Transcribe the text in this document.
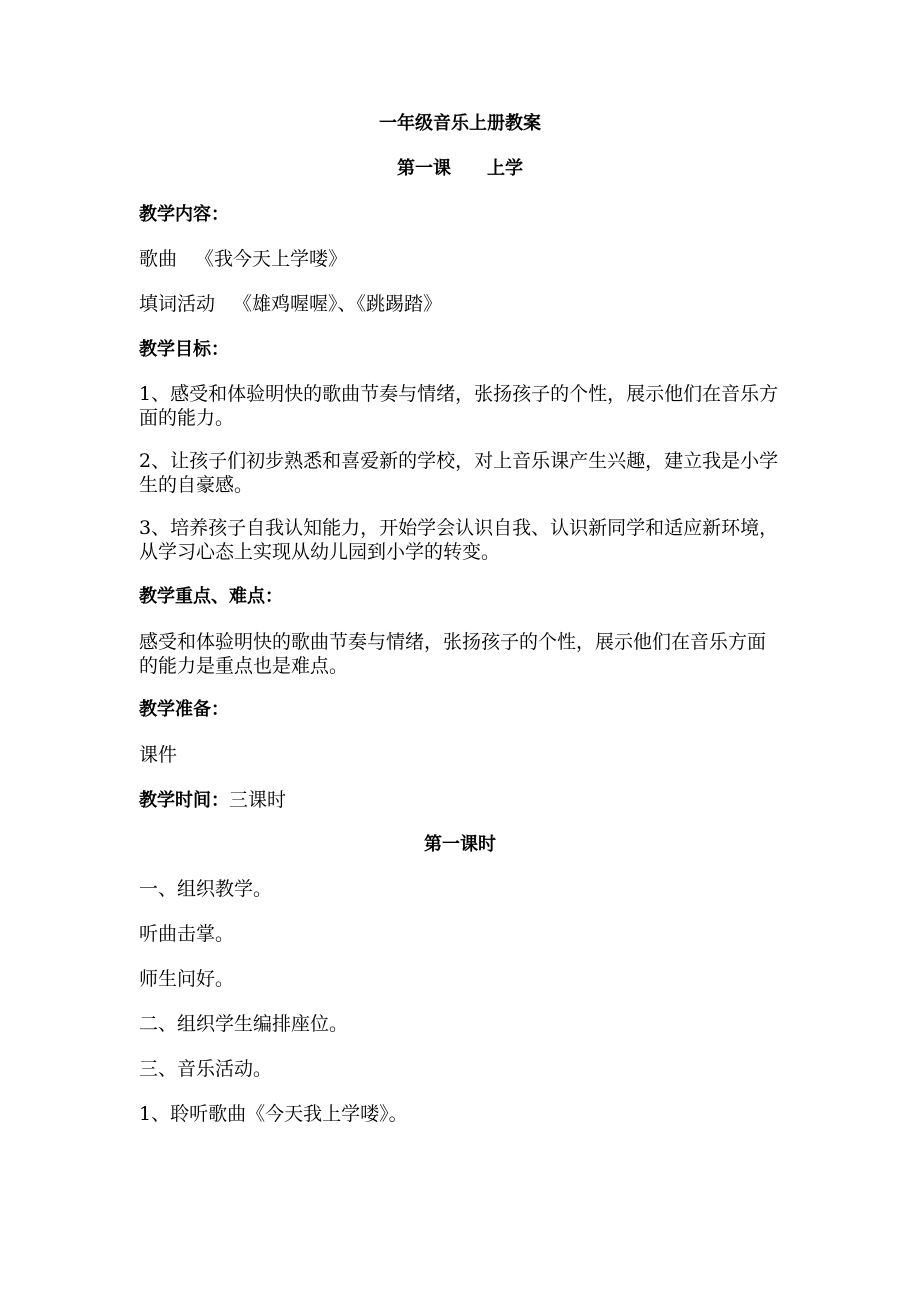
一年级音乐上册教案
第一课 上学
教学内容：
歌曲 《我今天上学喽》
填词活动 《雄鸡喔喔》、《跳踢踏》
教学目标：
1、感受和体验明快的歌曲节奏与情绪，张扬孩子的个性，展示他们在音乐方面的能力。
2、让孩子们初步熟悉和喜爱新的学校，对上音乐课产生兴趣，建立我是小学生的自豪感。
3、培养孩子自我认知能力，开始学会认识自我、认识新同学和适应新环境，从学习心态上实现从幼儿园到小学的转变。
教学重点、难点：
感受和体验明快的歌曲节奏与情绪，张扬孩子的个性，展示他们在音乐方面的能力是重点也是难点。
教学准备：
课件
教学时间：三课时
第一课时
一、组织教学。
听曲击掌。
师生问好。
二、组织学生编排座位。
三、音乐活动。
1、聆听歌曲《今天我上学喽》。
